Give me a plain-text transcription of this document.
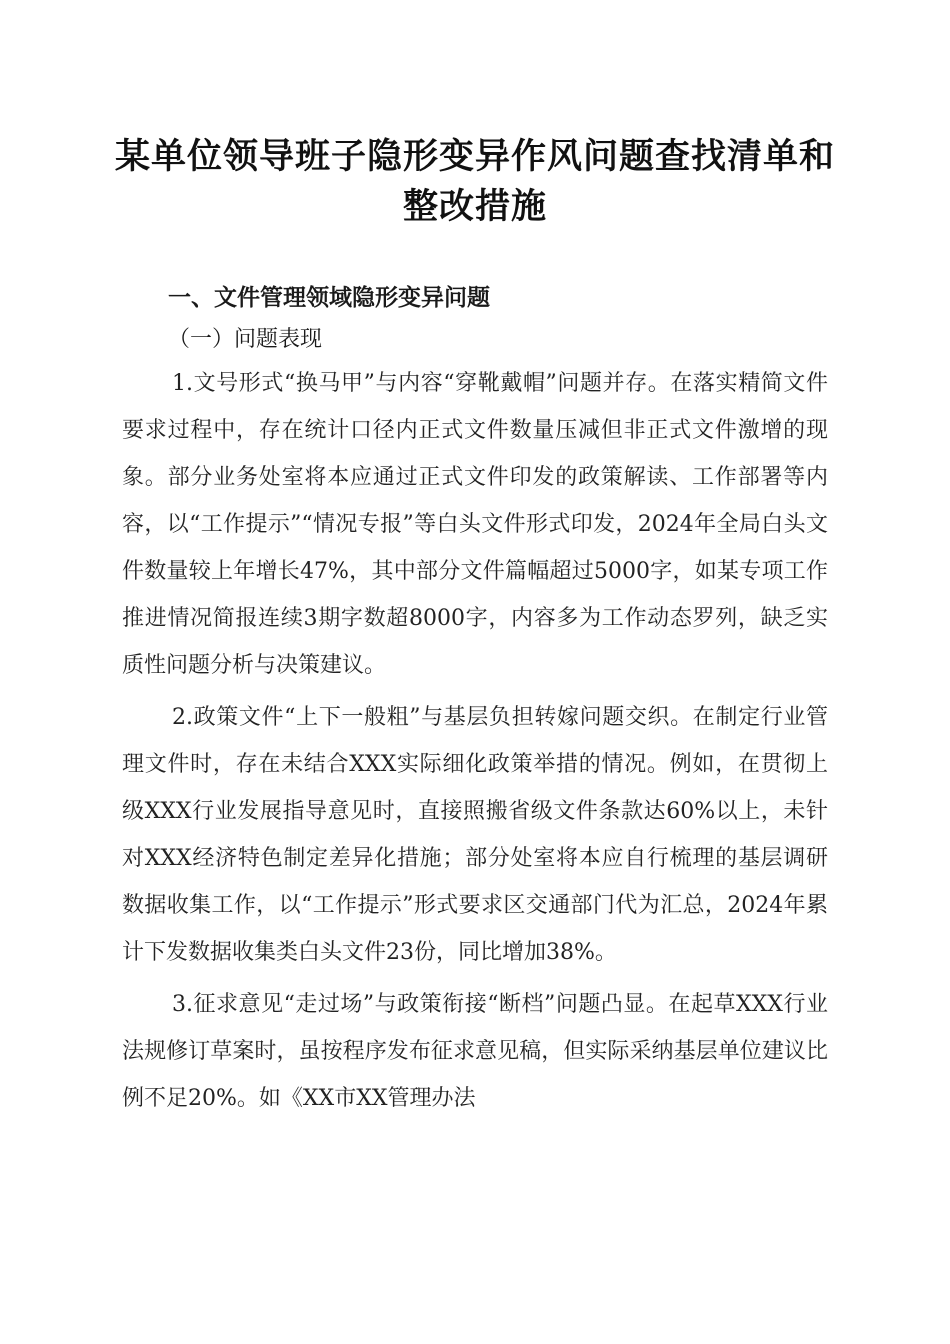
某单位领导班子隐形变异作风问题查找清单和
整改措施
一、文件管理领域隐形变异问题
（一）问题表现

1.文号形式“换马甲”与内容“穿靴戴帽”问题并存。在落实精简文件要求过程中，存在统计口径内正式文件数量压减但非正式文件激增的现象。部分业务处室将本应通过正式文件印发的政策解读、工作部署等内容，以“工作提示”“情况专报”等白头文件形式印发，2024年全局白头文件数量较上年增长47%，其中部分文件篇幅超过5000字，如某专项工作推进情况简报连续3期字数超8000字，内容多为工作动态罗列，缺乏实质性问题分析与决策建议。

2.政策文件“上下一般粗”与基层负担转嫁问题交织。在制定行业管理文件时，存在未结合XXX实际细化政策举措的情况。例如，在贯彻上级XXX行业发展指导意见时，直接照搬省级文件条款达60%以上，未针对XXX经济特色制定差异化措施；部分处室将本应自行梳理的基层调研数据收集工作，以“工作提示”形式要求区交通部门代为汇总，2024年累计下发数据收集类白头文件23份，同比增加38%。

3.征求意见“走过场”与政策衔接“断档”问题凸显。在起草XXX行业法规修订草案时，虽按程序发布征求意见稿，但实际采纳基层单位建议比例不足20%。如《XX市XX管理办法
